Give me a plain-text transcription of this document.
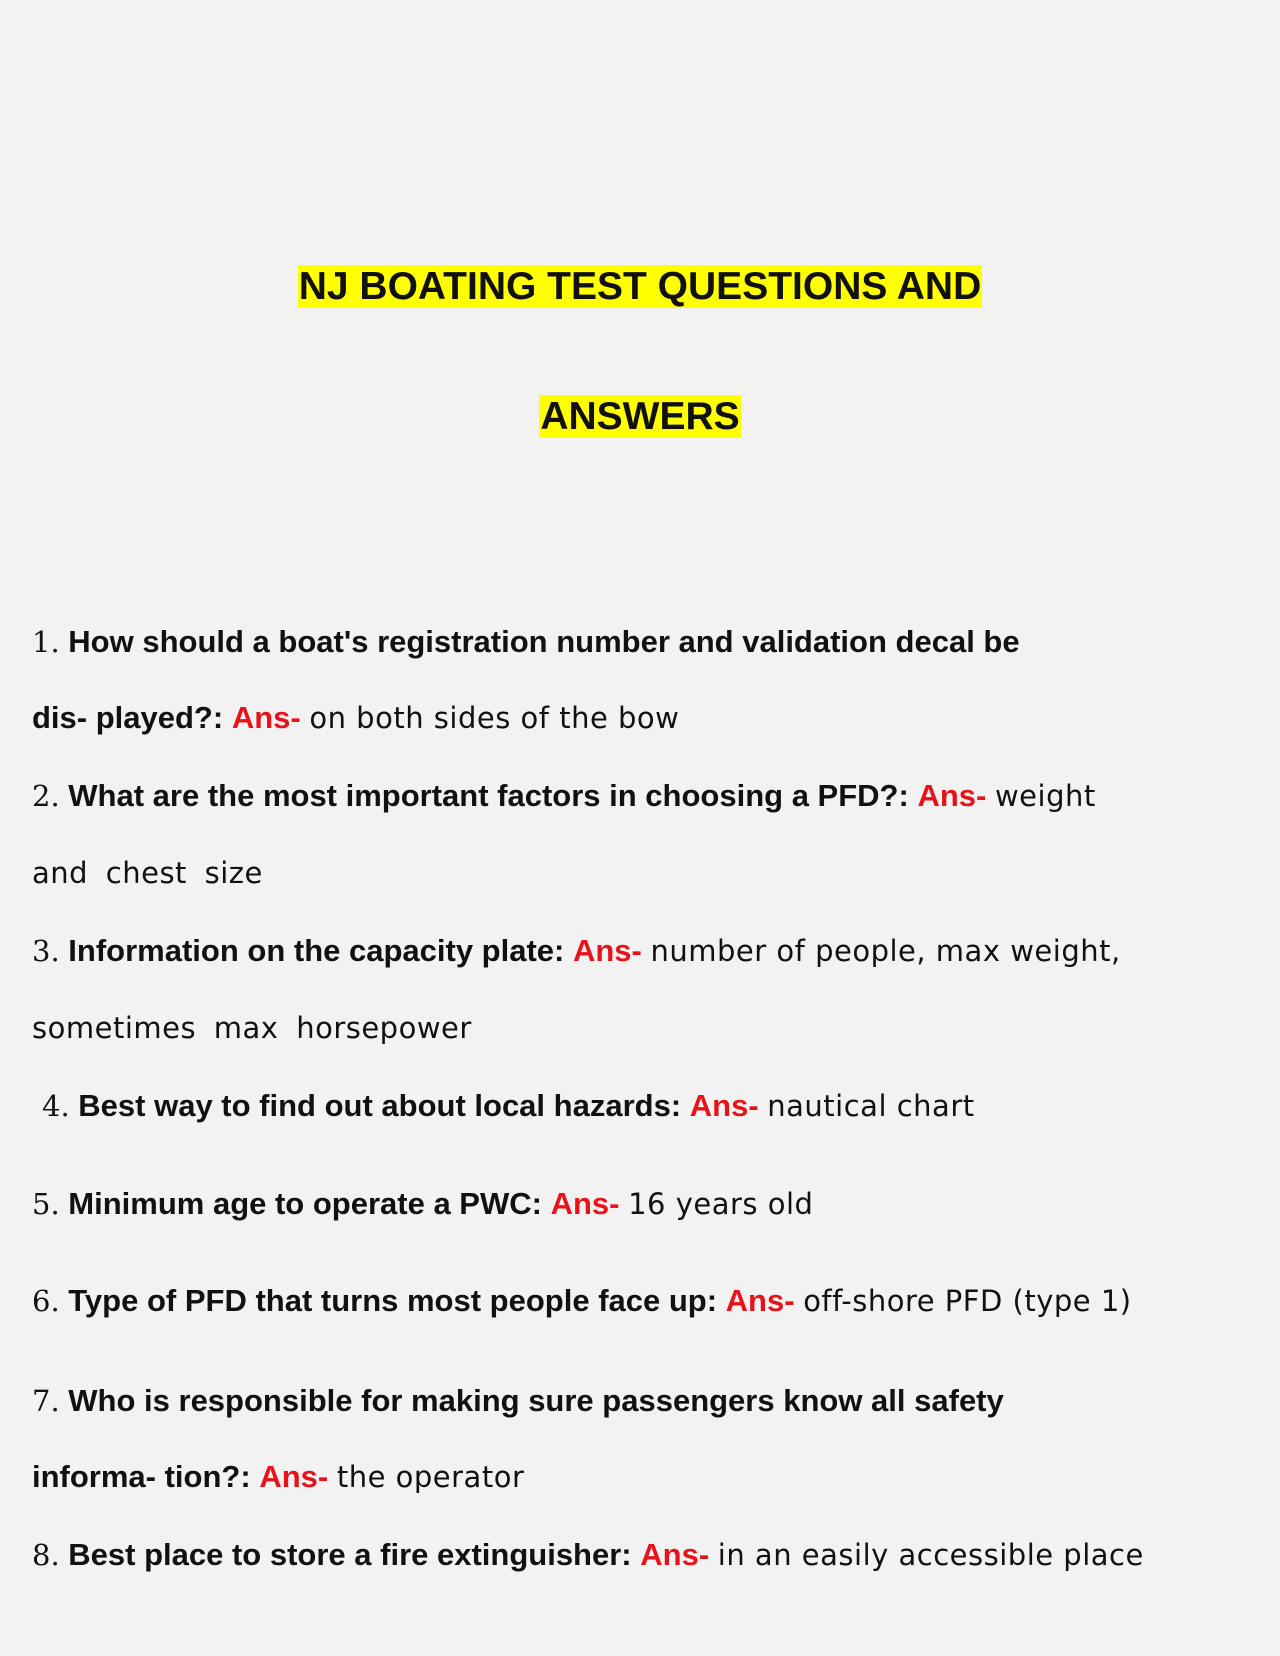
NJ BOATING TEST QUESTIONS AND
ANSWERS
1. How should a boat's registration number and validation decal be
dis- played?: Ans- on both sides of the bow
2. What are the most important factors in choosing a PFD?: Ans- weight
and chest size
3. Information on the capacity plate: Ans- number of people, max weight,
sometimes max horsepower
4. Best way to find out about local hazards: Ans- nautical chart
5. Minimum age to operate a PWC: Ans- 16 years old
6. Type of PFD that turns most people face up: Ans- off-shore PFD (type 1)
7. Who is responsible for making sure passengers know all safety
informa- tion?: Ans- the operator
8. Best place to store a fire extinguisher: Ans- in an easily accessible place
